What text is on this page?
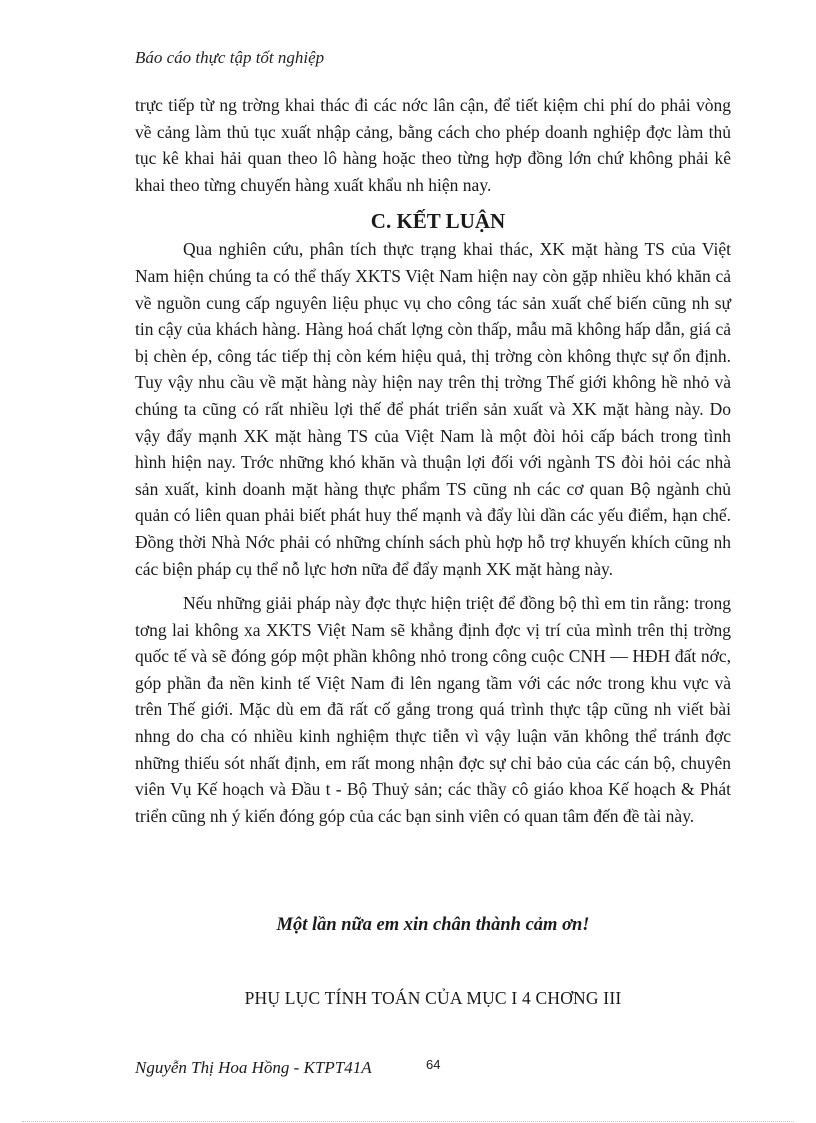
Báo cáo thực tập tốt nghiệp

trực tiếp từ ng trờng khai thác đi các nớc lân cận, để tiết kiệm chi phí do phải vòng về cảng làm thủ tục xuất nhập cảng, bằng cách cho phép doanh nghiệp đợc làm thủ tục kê khai hải quan theo lô hàng hoặc theo từng hợp đồng lớn chứ không phải kê khai theo từng chuyến hàng xuất khẩu nh hiện nay.

C. KẾT LUẬN

Qua nghiên cứu, phân tích thực trạng khai thác, XK mặt hàng TS của Việt Nam hiện chúng ta có thể thấy XKTS Việt Nam hiện nay còn gặp nhiều khó khăn cả về nguồn cung cấp nguyên liệu phục vụ cho công tác sản xuất chế biến cũng nh sự tin cậy của khách hàng. Hàng hoá chất lợng còn thấp, mẫu mã không hấp dẫn, giá cả bị chèn ép, công tác tiếp thị còn kém hiệu quả, thị trờng còn không thực sự ổn định. Tuy vậy nhu cầu về mặt hàng này hiện nay trên thị trờng Thế giới không hề nhỏ và chúng ta cũng có rất nhiều lợi thế để phát triển sản xuất và XK mặt hàng này. Do vậy đẩy mạnh XK mặt hàng TS của Việt Nam là một đòi hỏi cấp bách trong tình hình hiện nay. Trớc những khó khăn và thuận lợi đối với ngành TS đòi hỏi các nhà sản xuất, kinh doanh mặt hàng thực phẩm TS cũng nh các cơ quan Bộ ngành chủ quản có liên quan phải biết phát huy thế mạnh và đẩy lùi dần các yếu điểm, hạn chế. Đồng thời Nhà Nớc phải có những chính sách phù hợp hỗ trợ khuyến khích cũng nh các biện pháp cụ thể nỗ lực hơn nữa để đẩy mạnh XK mặt hàng này.

Nếu những giải pháp này đợc thực hiện triệt để đồng bộ thì em tin rằng: trong tơng lai không xa XKTS Việt Nam sẽ khẳng định đợc vị trí của mình trên thị trờng quốc tế và sẽ đóng góp một phần không nhỏ trong công cuộc CNH — HĐH đất nớc, góp phần đa nền kinh tế Việt Nam đi lên ngang tầm với các nớc trong khu vực và trên Thế giới. Mặc dù em đã rất cố gắng trong quá trình thực tập cũng nh viết bài nhng do cha có nhiều kinh nghiệm thực tiễn vì vậy luận văn không thể tránh đợc những thiếu sót nhất định, em rất mong nhận đợc sự chỉ bảo của các cán bộ, chuyên viên Vụ Kế hoạch và Đầu t - Bộ Thuỷ sản; các thầy cô giáo khoa Kế hoạch & Phát triển cũng nh ý kiến đóng góp của các bạn sinh viên có quan tâm đến đề tài này.

Một lần nữa em xin chân thành cảm ơn!
PHỤ LỤC TÍNH TOÁN CỦA MỤC I 4 CHƠNG III
Nguyễn Thị Hoa Hồng - KTPT41A	64
